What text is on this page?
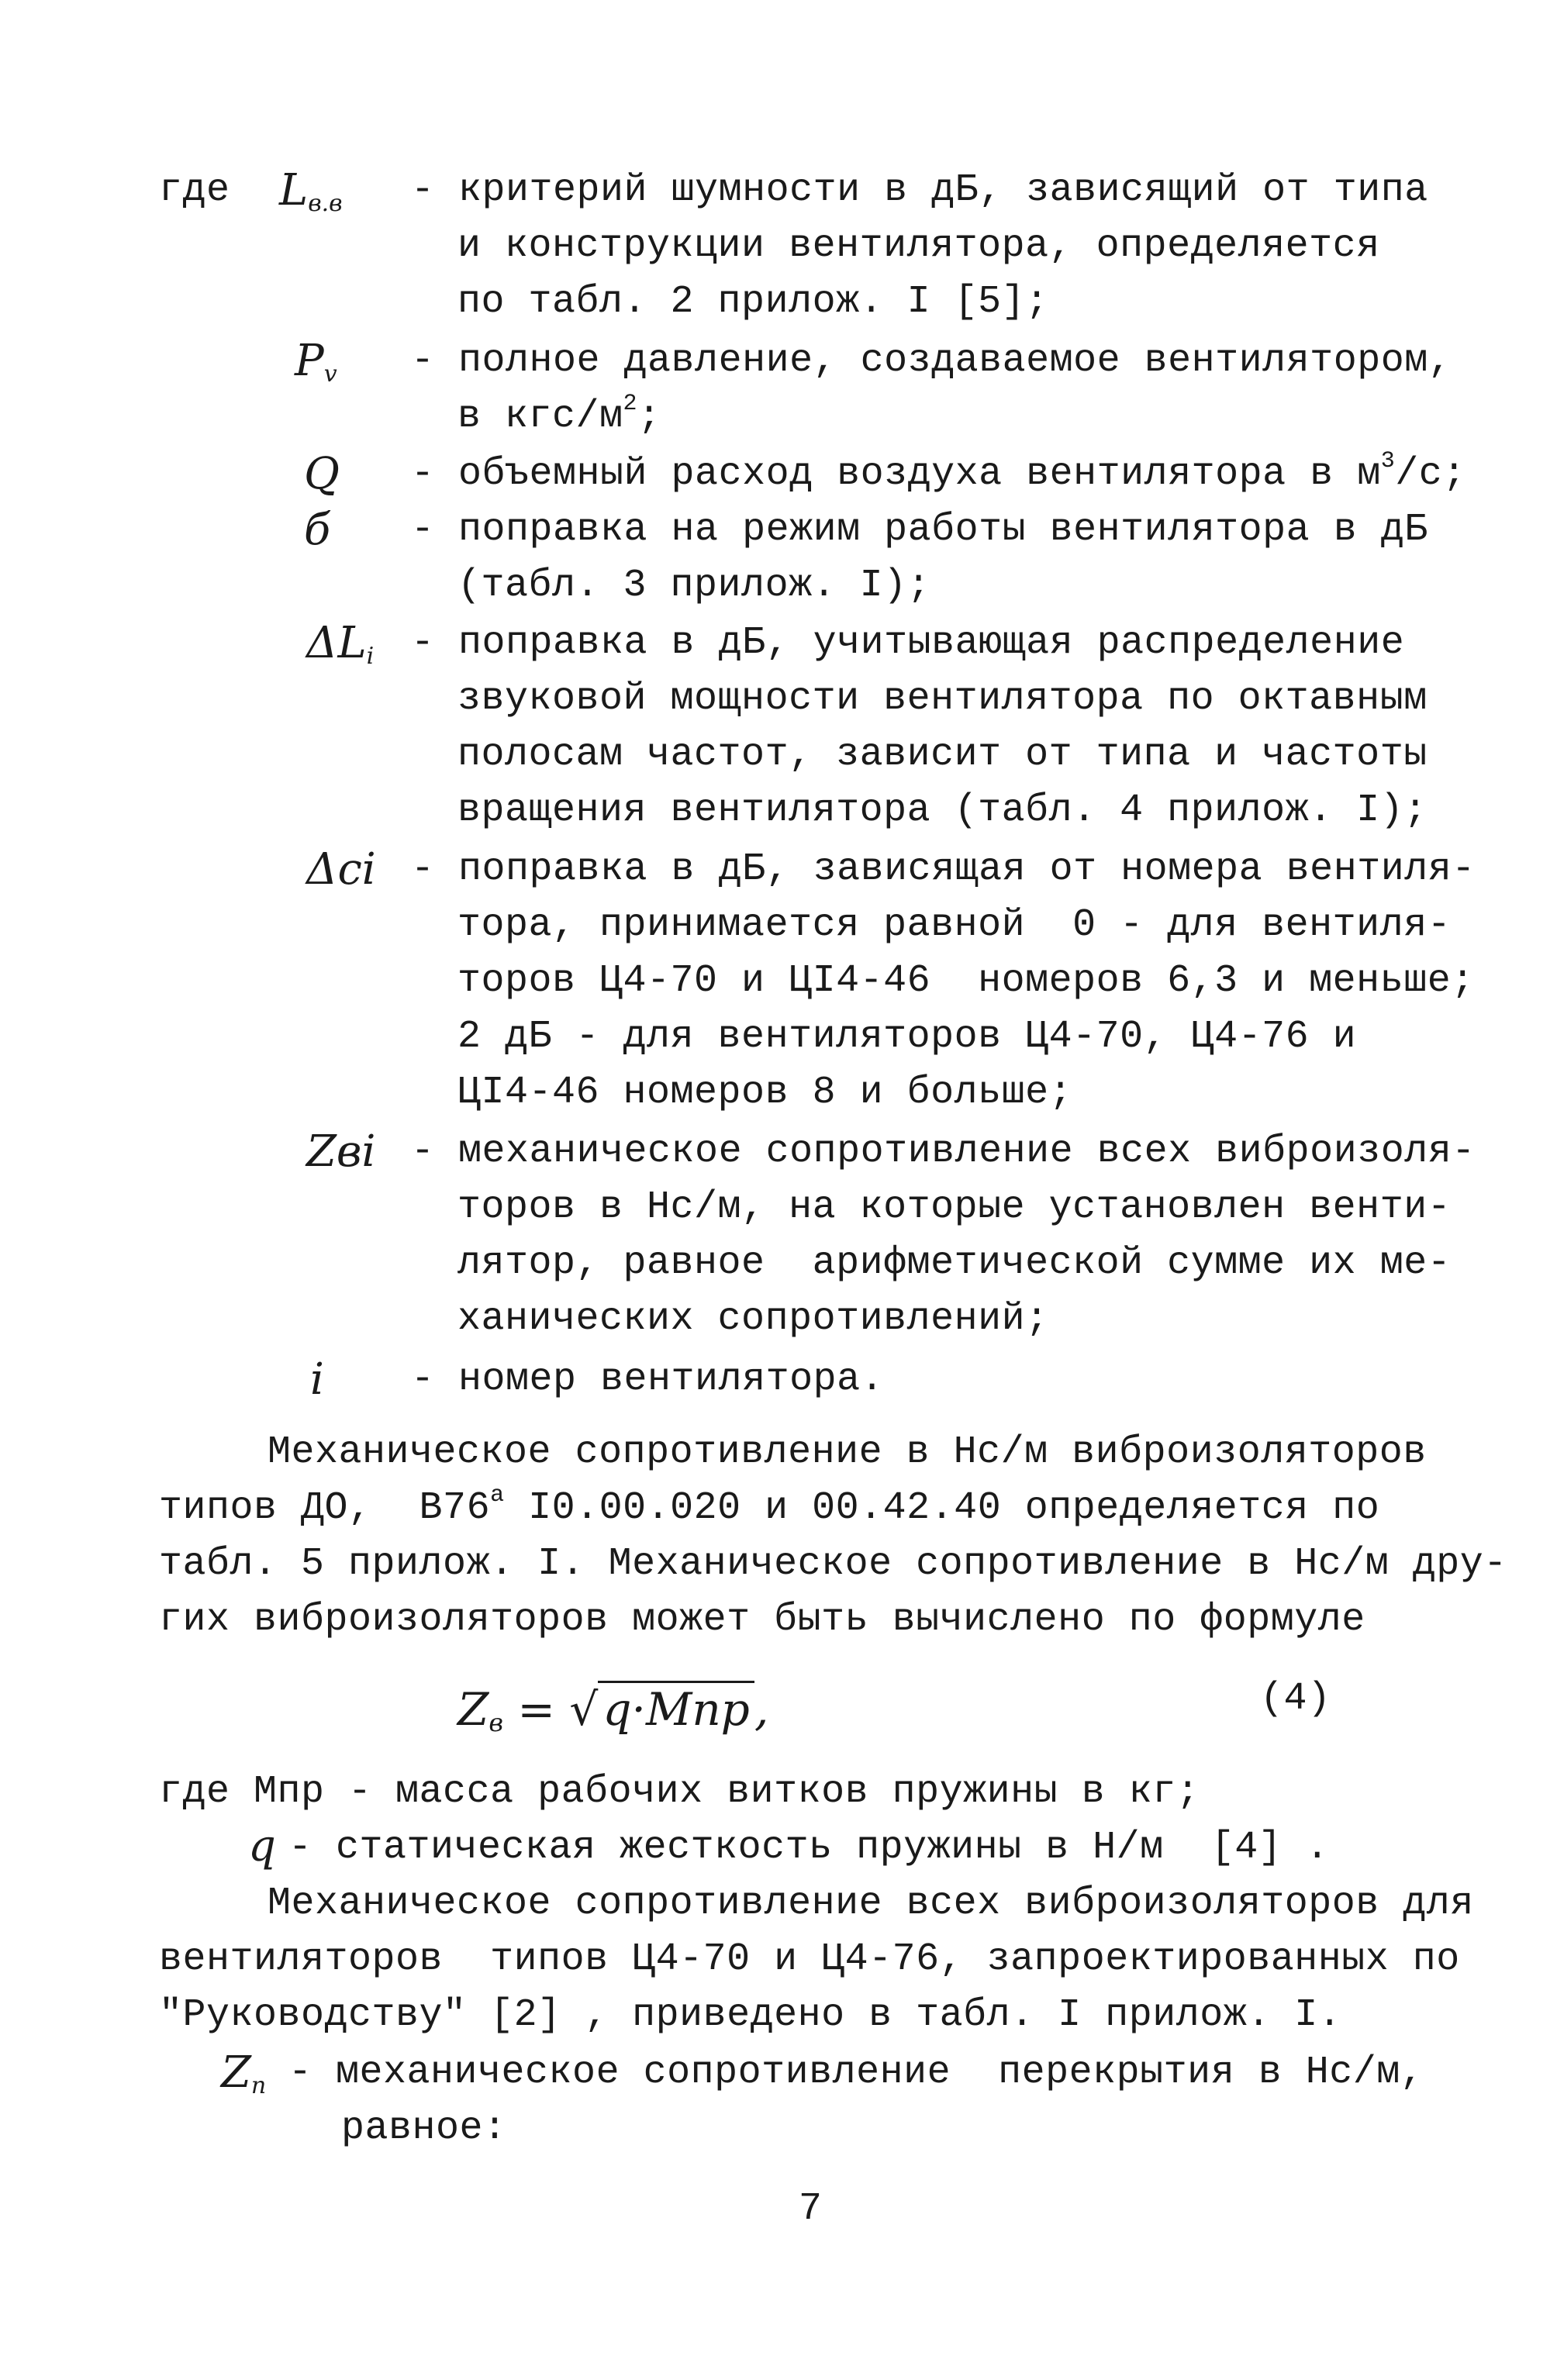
где $L_{в.в}$ - критерий шумности в дБ, зависящий от типа
и конструкции вентилятора, определяется
по табл. 2 прилож. I [5];
$P_v$ - полное давление, создаваемое вентилятором,
в кгс/$м^2$;
Q - объемный расход воздуха вентилятора в $м^3/с$;
б - поправка на режим работы вентилятора в дБ
(табл. 3 прилож. I);
$\Delta L_i$ - поправка в дБ, учитывающая распределение
звуковой мощности вентилятора по октавным
полосам частот, зависит от типа и частоты
вращения вентилятора (табл. 4 прилож. I);
Δci - поправка в дБ, зависящая от номера вентиля-
тора, принимается равной  0 - для вентиля-
торов Ц4-70 и ЦI4-46  номеров 6,3 и меньше;
2 дБ - для вентиляторов Ц4-70, Ц4-76 и
ЦI4-46 номеров 8 и больше;
Zвi - механическое сопротивление всех виброизоля-
торов в Нс/м, на которые установлен венти-
лятор, равное  арифметической сумме их ме-
ханических сопротивлений;
i - номер вентилятора.
Механическое сопротивление в Нс/м виброизоляторов
типов ДО,  $В76^а$ I0.00.020 и 00.42.40 определяется по
табл. 5 прилож. I. Механическое сопротивление в Нс/м дру-
гих виброизоляторов может быть вычислено по формуле
$Z_в$ = √ q·Mпр ,	(4)
где Мпр - масса рабочих витков пружины в кг;
q - статическая жесткость пружины в Н/м  [4] .
Механическое сопротивление всех виброизоляторов для
вентиляторов  типов Ц4-70 и Ц4-76, запроектированных по
"Руководству" [2] , приведено в табл. I прилож. I.
$Z_п$ - механическое сопротивление  перекрытия в Нс/м,
равное:
7
